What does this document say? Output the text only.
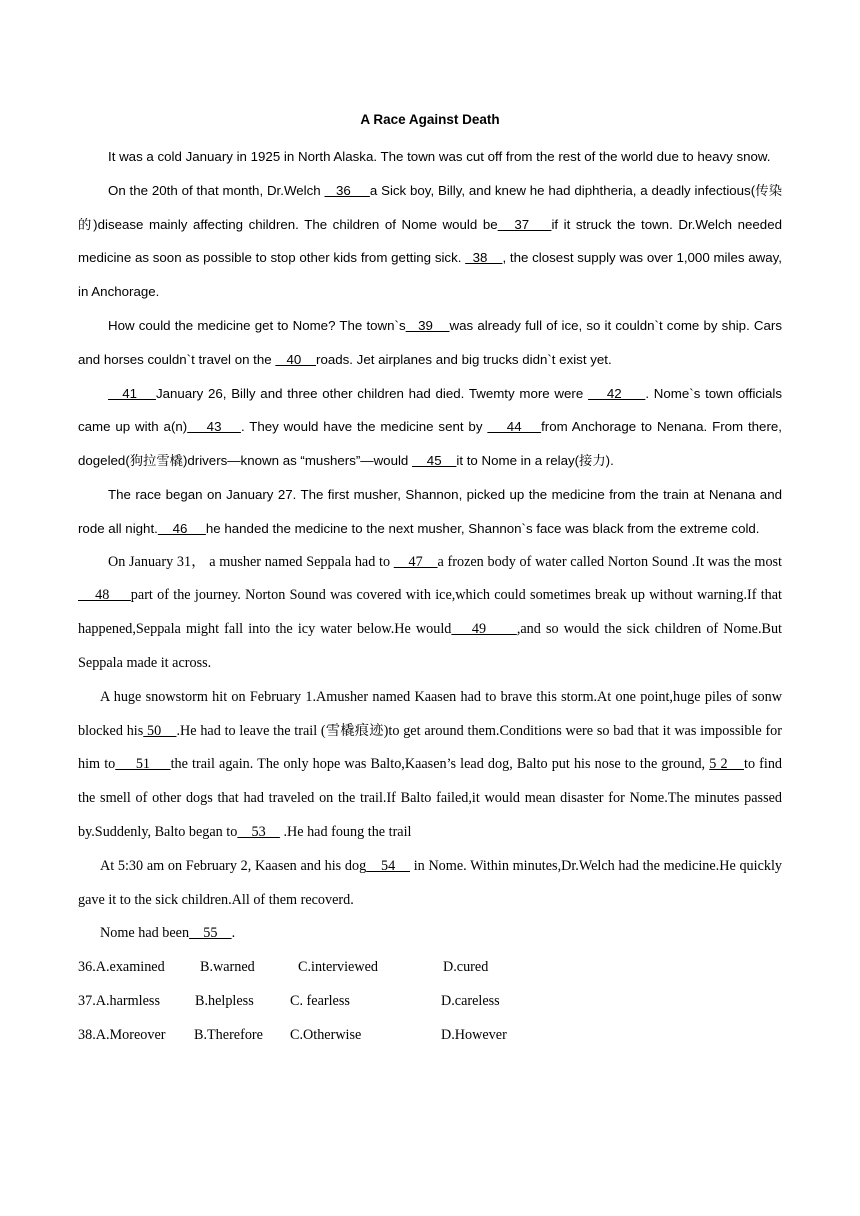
A Race Against Death

It was a cold January in 1925 in North Alaska. The town was cut off from the rest of the world due to heavy snow.

On the 20th of that month, Dr.Welch    36     a Sick boy, Billy, and knew he had diphtheria, a deadly infectious(传染的)disease mainly affecting children. The children of Nome would be   37    if it struck the town. Dr.Welch needed medicine as soon as possible to stop other kids from getting sick.   38    , the closest supply was over 1,000 miles away, in Anchorage.

How could the medicine get to Nome? The town`s   39    was already full of ice, so it couldn`t come by ship. Cars and horses couldn`t travel on the    40    roads. Jet airplanes and big trucks didn`t exist yet.

41    January 26, Billy and three other children had died. Twemty more were     42     . Nome`s town officials came up with a(n)    43    . They would have the medicine sent by     44    from Anchorage to Nenana. From there, dogeled(狗拉雪橇)drivers—known as “mushers”—would     45    it to Nome in a relay(接力).

The race began on January 27. The first musher, Shannon, picked up the medicine from the train at Nenana and rode all night.    46     he handed the medicine to the next musher, Shannon`s face was black from the extreme cold.

On January 31， a musher named Seppala had to     47    a frozen body of water called Norton Sound .It was the most    48     part of the journey. Norton Sound was covered with ice,which could sometimes break up without warning.If that happened,Seppala might fall into the icy water below.He would    49      ,and so would the sick children of Nome.But Seppala made it across.

A huge snowstorm hit on February 1.Amusher named Kaasen had to brave this storm.At one point,huge piles of sonw blocked his 50    .He had to leave the trail (雪橇痕迹)to get around them.Conditions were so bad that it was impossible for him to     51     the trail again. The only hope was Balto,Kaasen’s lead dog, Balto put his nose to the ground, 5 2    to find the smell of other dogs that had traveled on the trail.If Balto failed,it would mean disaster for Nome.The minutes passed by.Suddenly, Balto began to    53     .He had foung the trail

At 5:30 am on February 2, Kaasen and his dog    54     in Nome. Within minutes,Dr.Welch had the medicine.He quickly gave it to the sick children.All of them recoverd.

Nome had been    55    .

36.A.examined B.warned	C.interviewed	D.cured
37.A.harmless B.helpless	C. fearless	D.careless
38.A.Moreover B.Therefore C.Otherwise	D.However
